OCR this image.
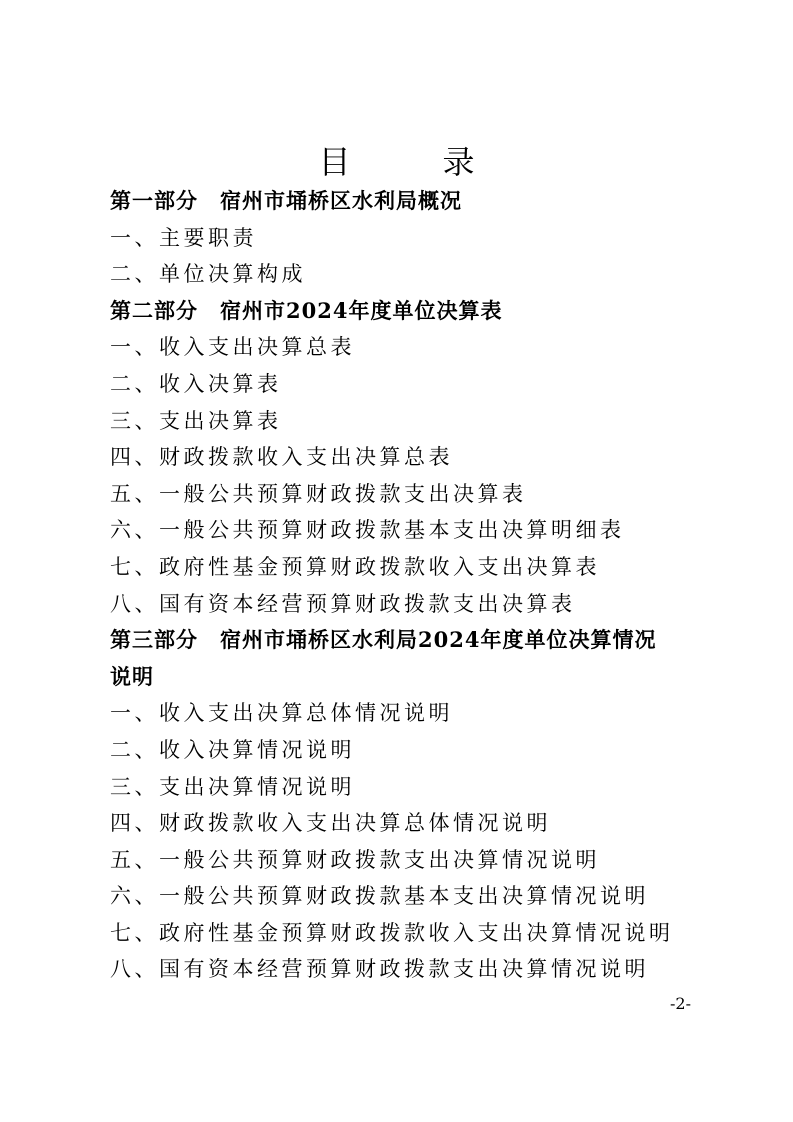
目　录
第一部分　宿州市埇桥区水利局概况
一、主要职责
二、单位决算构成
第二部分　宿州市2024年度单位决算表
一、收入支出决算总表
二、收入决算表
三、支出决算表
四、财政拨款收入支出决算总表
五、一般公共预算财政拨款支出决算表
六、一般公共预算财政拨款基本支出决算明细表
七、政府性基金预算财政拨款收入支出决算表
八、国有资本经营预算财政拨款支出决算表
第三部分　宿州市埇桥区水利局2024年度单位决算情况
说明
一、收入支出决算总体情况说明
二、收入决算情况说明
三、支出决算情况说明
四、财政拨款收入支出决算总体情况说明
五、一般公共预算财政拨款支出决算情况说明
六、一般公共预算财政拨款基本支出决算情况说明
七、政府性基金预算财政拨款收入支出决算情况说明
八、国有资本经营预算财政拨款支出决算情况说明
-2-
